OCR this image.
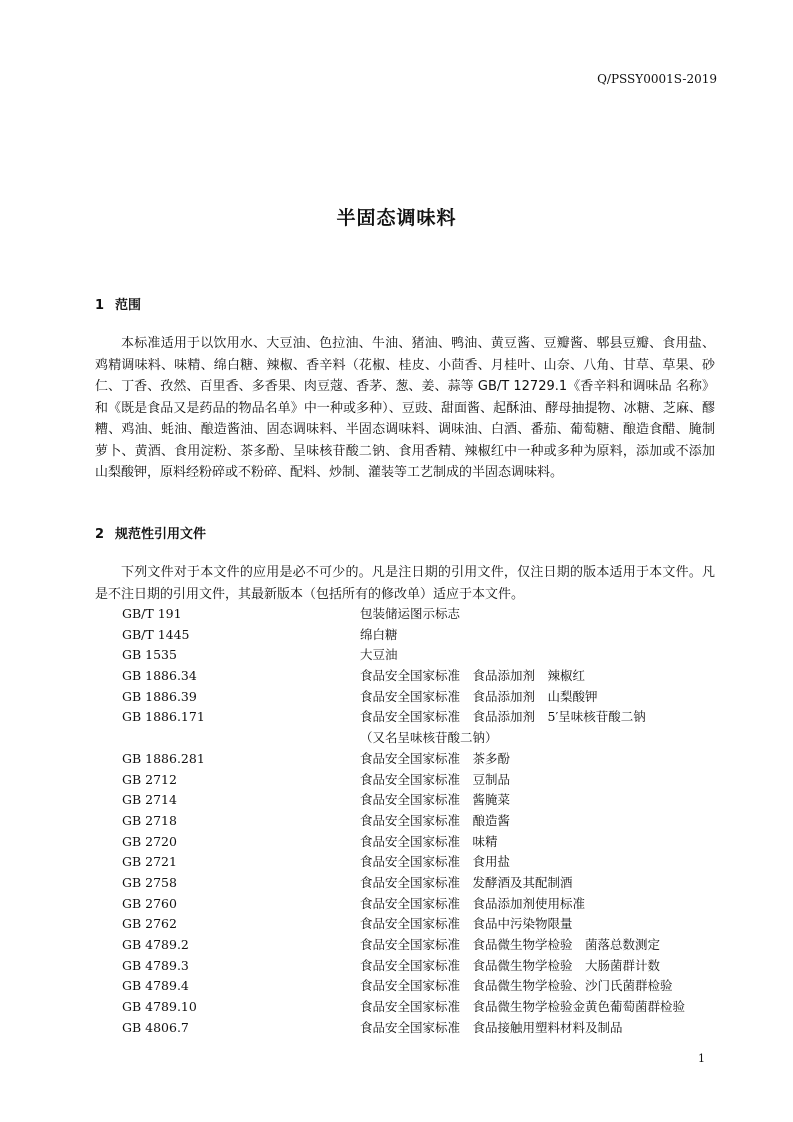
Q/PSSY0001S-2019
半固态调味料
1 范围
本标准适用于以饮用水、大豆油、色拉油、牛油、猪油、鸭油、黄豆酱、豆瓣酱、郫县豆瓣、食用盐、鸡精调味料、味精、绵白糖、辣椒、香辛料（花椒、桂皮、小茴香、月桂叶、山奈、八角、甘草、草果、砂仁、丁香、孜然、百里香、多香果、肉豆蔻、香茅、葱、姜、蒜等 GB/T 12729.1《香辛料和调味品 名称》和《既是食品又是药品的物品名单》中一种或多种）、豆豉、甜面酱、起酥油、酵母抽提物、冰糖、芝麻、醪糟、鸡油、蚝油、酿造酱油、固态调味料、半固态调味料、调味油、白酒、番茄、葡萄糖、酿造食醋、腌制萝卜、黄酒、食用淀粉、茶多酚、呈味核苷酸二钠、食用香精、辣椒红中一种或多种为原料，添加或不添加山梨酸钾，原料经粉碎或不粉碎、配料、炒制、灌装等工艺制成的半固态调味料。
2 规范性引用文件
下列文件对于本文件的应用是必不可少的。凡是注日期的引用文件，仅注日期的版本适用于本文件。凡是不注日期的引用文件，其最新版本（包括所有的修改单）适应于本文件。
GB/T 191	包装储运图示标志
GB/T 1445	绵白糖
GB 1535	大豆油
GB 1886.34	食品安全国家标准　食品添加剂　辣椒红
GB 1886.39	食品安全国家标准　食品添加剂　山梨酸钾
GB 1886.171	食品安全国家标准　食品添加剂　5′呈味核苷酸二钠
（又名呈味核苷酸二钠）
GB 1886.281	食品安全国家标准　茶多酚
GB 2712	食品安全国家标准　豆制品
GB 2714	食品安全国家标准　酱腌菜
GB 2718	食品安全国家标准　酿造酱
GB 2720	食品安全国家标准　味精
GB 2721	食品安全国家标准　食用盐
GB 2758	食品安全国家标准　发酵酒及其配制酒
GB 2760	食品安全国家标准　食品添加剂使用标准
GB 2762	食品安全国家标准　食品中污染物限量
GB 4789.2	食品安全国家标准　食品微生物学检验　菌落总数测定
GB 4789.3	食品安全国家标准　食品微生物学检验　大肠菌群计数
GB 4789.4	食品安全国家标准　食品微生物学检验、沙门氏菌群检验
GB 4789.10	食品安全国家标准　食品微生物学检验金黄色葡萄菌群检验
GB 4806.7	食品安全国家标准　食品接触用塑料材料及制品
1
